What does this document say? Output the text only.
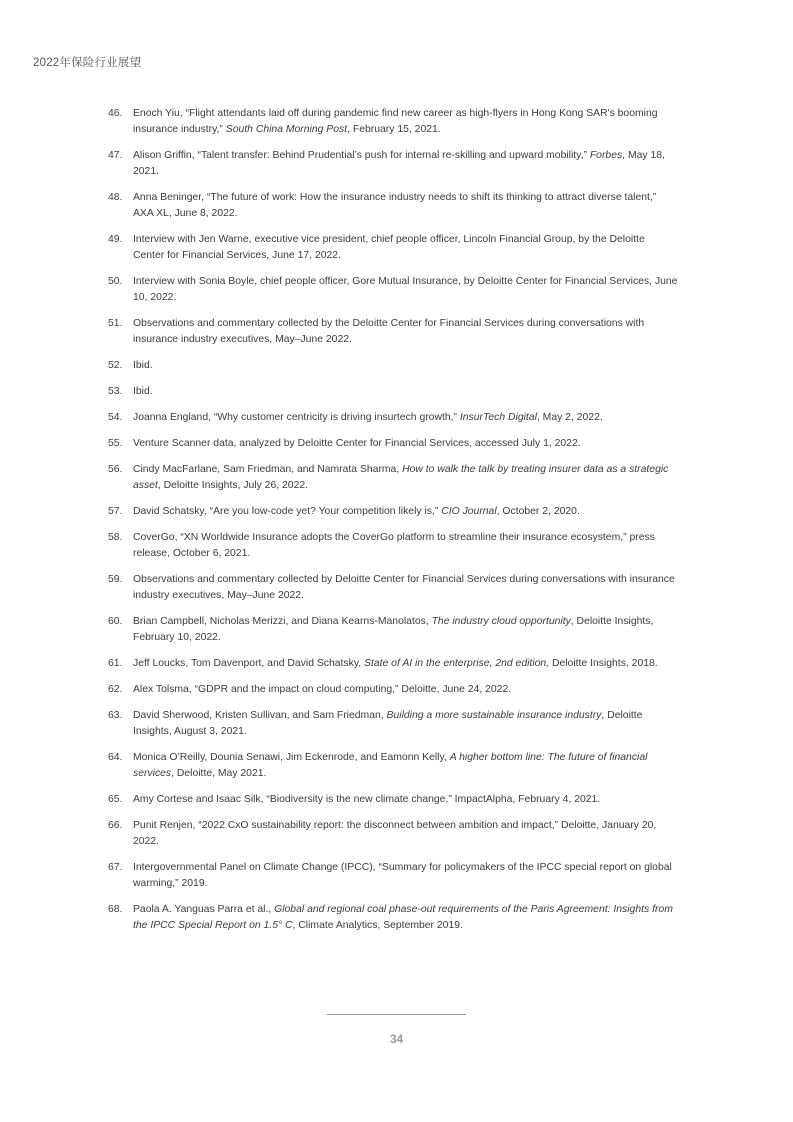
2022年保险行业展望
46.	Enoch Yiu, “Flight attendants laid off during pandemic find new career as high-flyers in Hong Kong SAR's booming insurance industry,” South China Morning Post, February 15, 2021.
47.	Alison Griffin, “Talent transfer: Behind Prudential’s push for internal re-skilling and upward mobility,” Forbes, May 18, 2021.
48.	Anna Beninger, “The future of work: How the insurance industry needs to shift its thinking to attract diverse talent,” AXA XL, June 8, 2022.
49.	Interview with Jen Warne, executive vice president, chief people officer, Lincoln Financial Group, by the Deloitte Center for Financial Services, June 17, 2022.
50.	Interview with Sonia Boyle, chief people officer, Gore Mutual Insurance, by Deloitte Center for Financial Services, June 10, 2022.
51.	Observations and commentary collected by the Deloitte Center for Financial Services during conversations with insurance industry executives, May–June 2022.
52.	Ibid.
53.	Ibid.
54.	Joanna England, “Why customer centricity is driving insurtech growth,” InsurTech Digital, May 2, 2022.
55.	Venture Scanner data, analyzed by Deloitte Center for Financial Services, accessed July 1, 2022.
56.	Cindy MacFarlane, Sam Friedman, and Namrata Sharma, How to walk the talk by treating insurer data as a strategic asset, Deloitte Insights, July 26, 2022.
57.	David Schatsky, “Are you low-code yet? Your competition likely is,” CIO Journal, October 2, 2020.
58.	CoverGo, “XN Worldwide Insurance adopts the CoverGo platform to streamline their insurance ecosystem,” press release, October 6, 2021.
59.	Observations and commentary collected by Deloitte Center for Financial Services during conversations with insurance industry executives, May–June 2022.
60.	Brian Campbell, Nicholas Merizzi, and Diana Kearns-Manolatos, The industry cloud opportunity, Deloitte Insights, February 10, 2022.
61.	Jeff Loucks, Tom Davenport, and David Schatsky, State of AI in the enterprise, 2nd edition, Deloitte Insights, 2018.
62.	Alex Tolsma, “GDPR and the impact on cloud computing,” Deloitte, June 24, 2022.
63.	David Sherwood, Kristen Sullivan, and Sam Friedman, Building a more sustainable insurance industry, Deloitte Insights, August 3, 2021.
64.	Monica O’Reilly, Dounia Senawi, Jim Eckenrode, and Eamonn Kelly, A higher bottom line: The future of financial services, Deloitte, May 2021.
65.	Amy Cortese and Isaac Silk, “Biodiversity is the new climate change,” ImpactAlpha, February 4, 2021.
66.	Punit Renjen, “2022 CxO sustainability report: the disconnect between ambition and impact,” Deloitte, January 20, 2022.
67.	Intergovernmental Panel on Climate Change (IPCC), “Summary for policymakers of the IPCC special report on global warming,” 2019.
68.	Paola A. Yanguas Parra et al., Global and regional coal phase-out requirements of the Paris Agreement: Insights from the IPCC Special Report on 1.5° C, Climate Analytics, September 2019.
34
